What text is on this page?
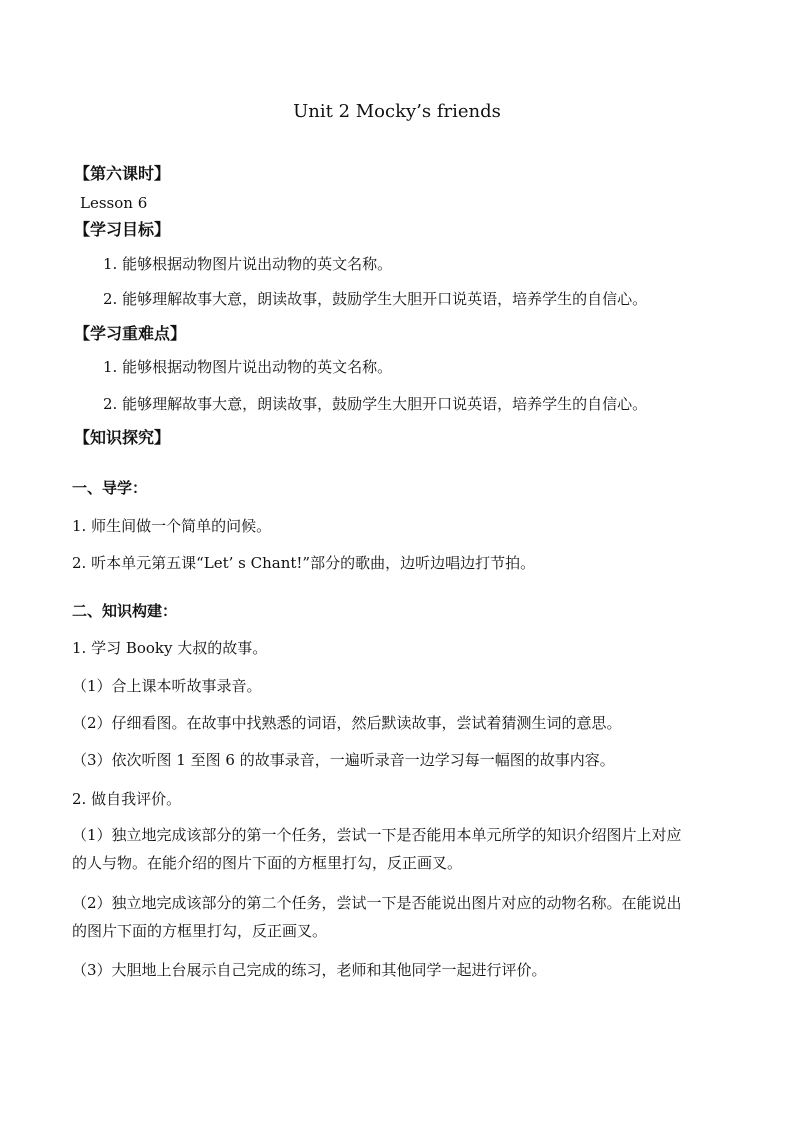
Unit 2 Mocky’s friends
【第六课时】
Lesson 6
【学习目标】
1. 能够根据动物图片说出动物的英文名称。
2. 能够理解故事大意，朗读故事，鼓励学生大胆开口说英语，培养学生的自信心。
【学习重难点】
1. 能够根据动物图片说出动物的英文名称。
2. 能够理解故事大意，朗读故事，鼓励学生大胆开口说英语，培养学生的自信心。
【知识探究】
一、导学：
1. 师生间做一个简单的问候。
2. 听本单元第五课“Let’ s Chant!”部分的歌曲，边听边唱边打节拍。
二、知识构建：
1. 学习 Booky 大叔的故事。
（1）合上课本听故事录音。
（2）仔细看图。在故事中找熟悉的词语，然后默读故事，尝试着猜测生词的意思。
（3）依次听图 1 至图 6 的故事录音，一遍听录音一边学习每一幅图的故事内容。
2. 做自我评价。
（1）独立地完成该部分的第一个任务，尝试一下是否能用本单元所学的知识介绍图片上对应
的人与物。在能介绍的图片下面的方框里打勾，反正画叉。
（2）独立地完成该部分的第二个任务，尝试一下是否能说出图片对应的动物名称。在能说出
的图片下面的方框里打勾，反正画叉。
（3）大胆地上台展示自己完成的练习，老师和其他同学一起进行评价。
